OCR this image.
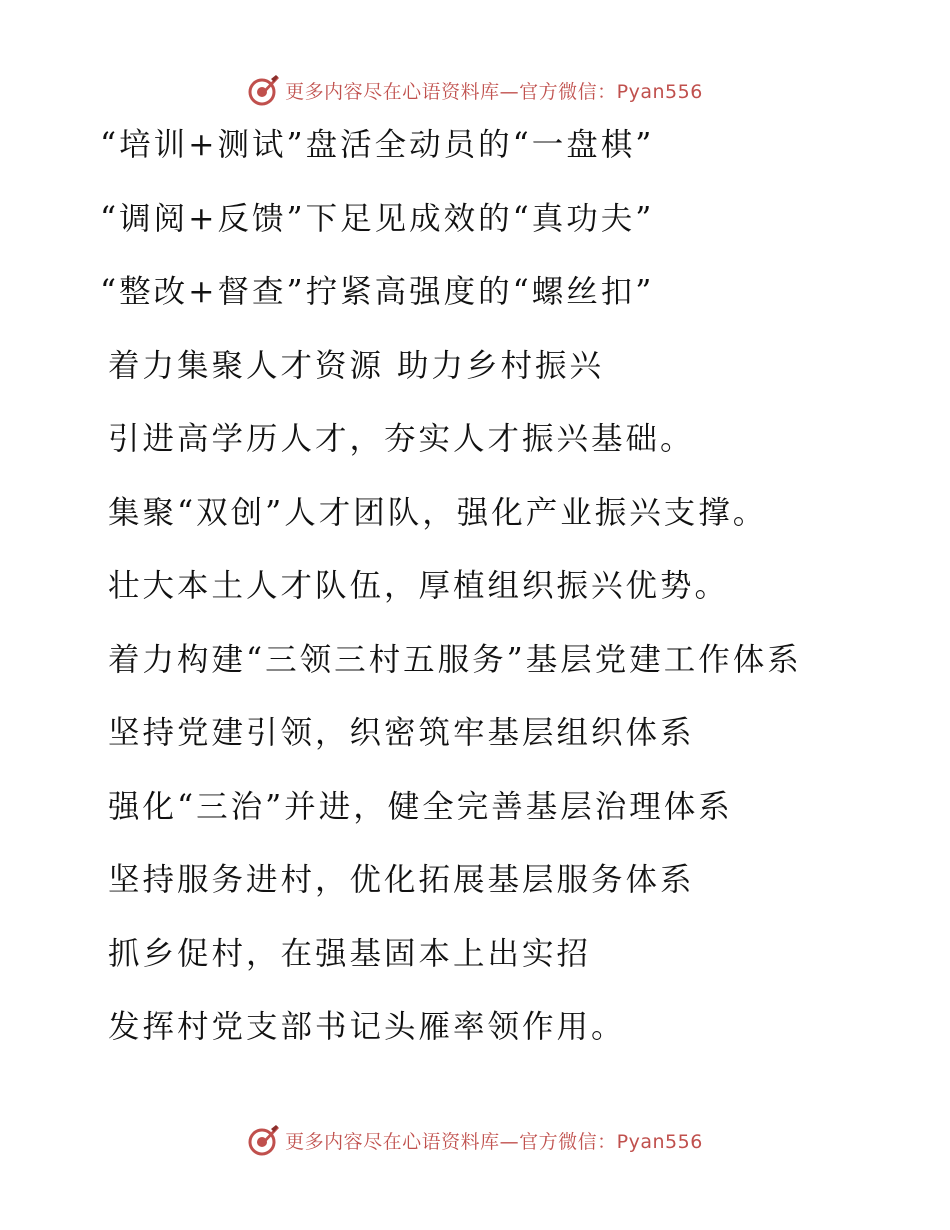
更多内容尽在心语资料库—官方微信：Pyan556
“培训+测试”盘活全动员的“一盘棋”
“调阅+反馈”下足见成效的“真功夫”
“整改+督查”拧紧高强度的“螺丝扣”
着力集聚人才资源 助力乡村振兴
引进高学历人才，夯实人才振兴基础。
集聚“双创”人才团队，强化产业振兴支撑。
壮大本土人才队伍，厚植组织振兴优势。
着力构建“三领三村五服务”基层党建工作体系
坚持党建引领，织密筑牢基层组织体系
强化“三治”并进，健全完善基层治理体系
坚持服务进村，优化拓展基层服务体系
抓乡促村，在强基固本上出实招
发挥村党支部书记头雁率领作用。
更多内容尽在心语资料库—官方微信：Pyan556
